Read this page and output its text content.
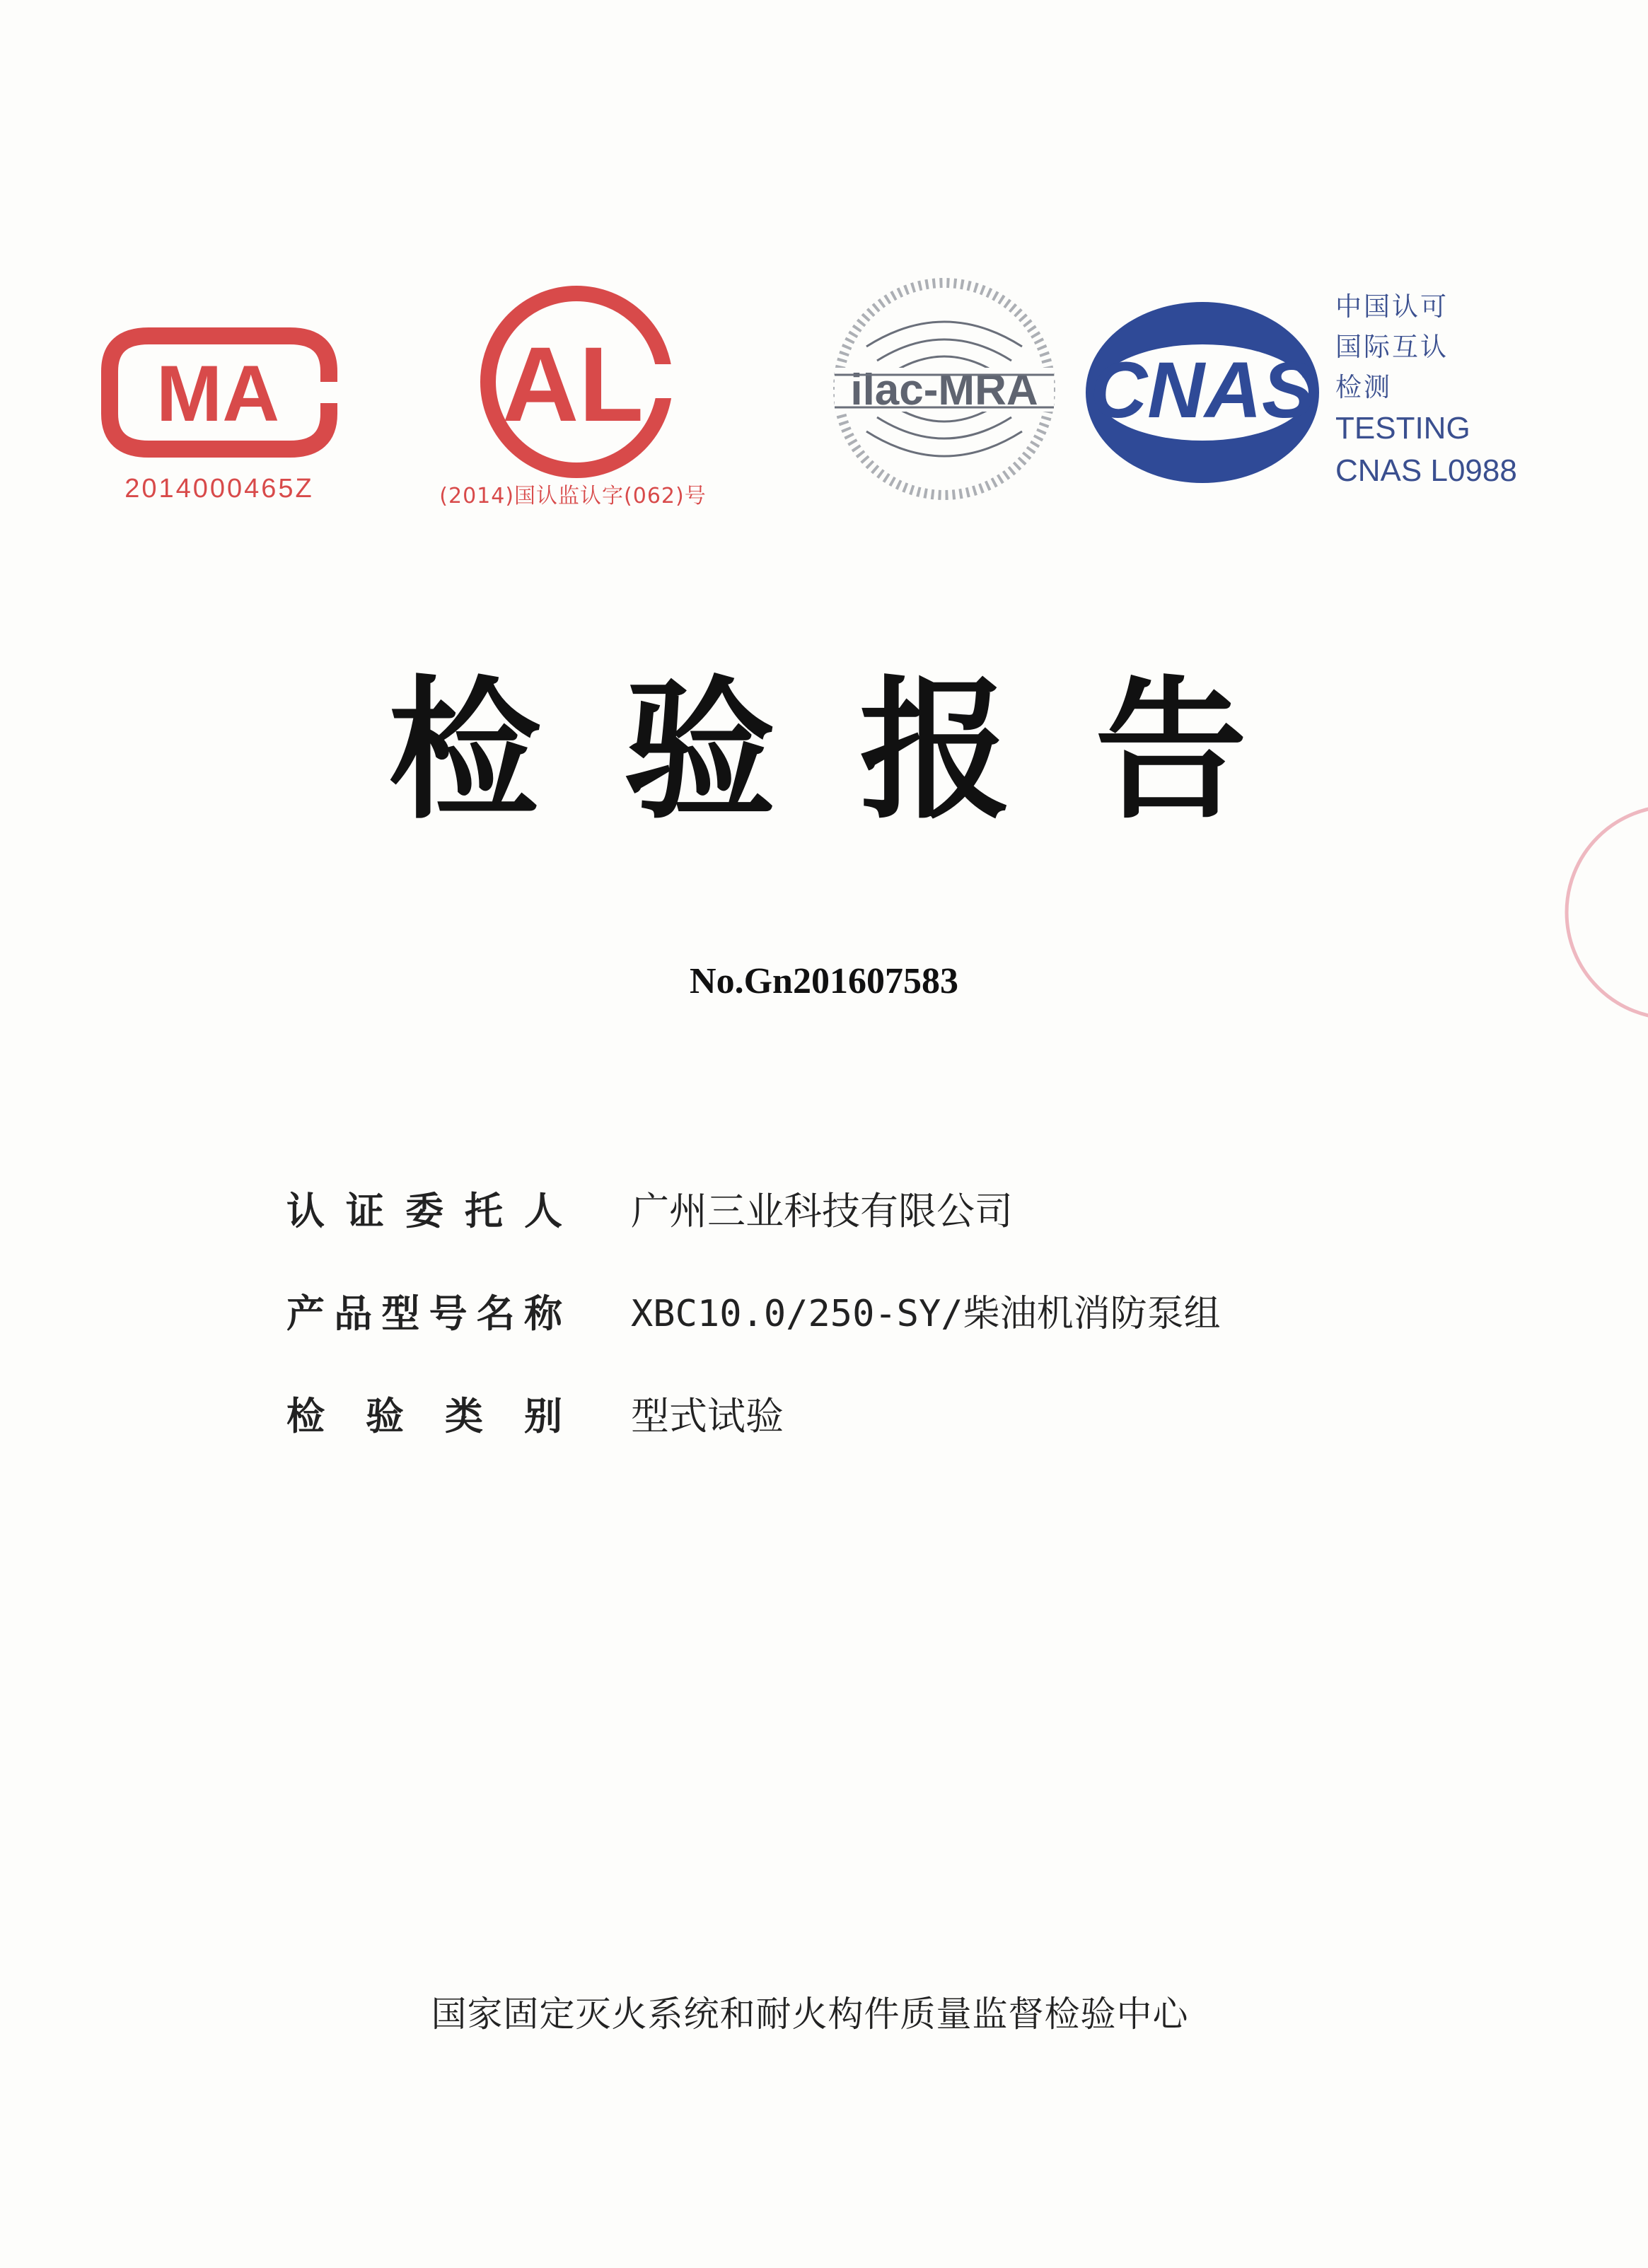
MA
2014000465Z
AL
(2014)国认监认字(062)号
ilac-MRA CNAS
中国认可
国际互认
检测
TESTING
CNAS L0988
检验报告
No.Gn201607583
认 证 委 托 人 广州三业科技有限公司
产 品 型 号 名 称 XBC10.0/250-SY/柴油机消防泵组
检 验 类 别 型式试验
国家固定灭火系统和耐火构件质量监督检验中心
